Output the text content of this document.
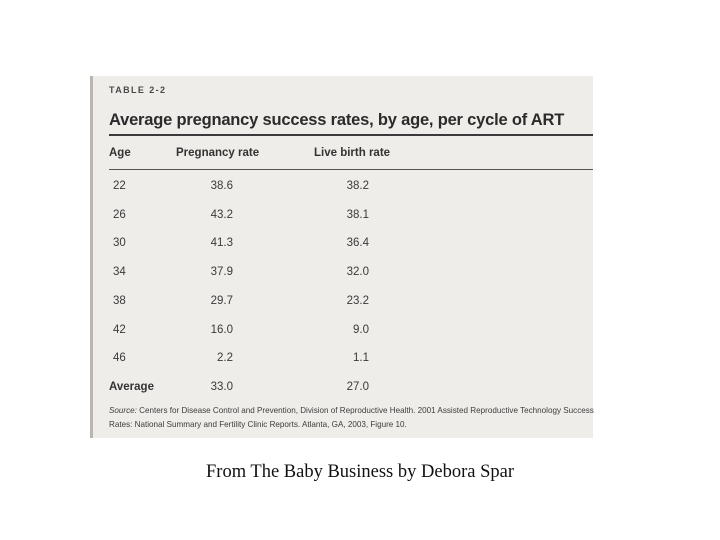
TABLE 2-2
Average pregnancy success rates, by age, per cycle of ART
Age	Pregnancy rate	Live birth rate
22	38.6	38.2
26	43.2	38.1
30	41.3	36.4
34	37.9	32.0
38	29.7	23.2
42	16.0	9.0
46	2.2	1.1
Average	33.0	27.0
Source: Centers for Disease Control and Prevention, Division of Reproductive Health. 2001 Assisted Reproductive Technology Success Rates: National Summary and Fertility Clinic Reports. Atlanta, GA, 2003, Figure 10.
From The Baby Business by Debora Spar
